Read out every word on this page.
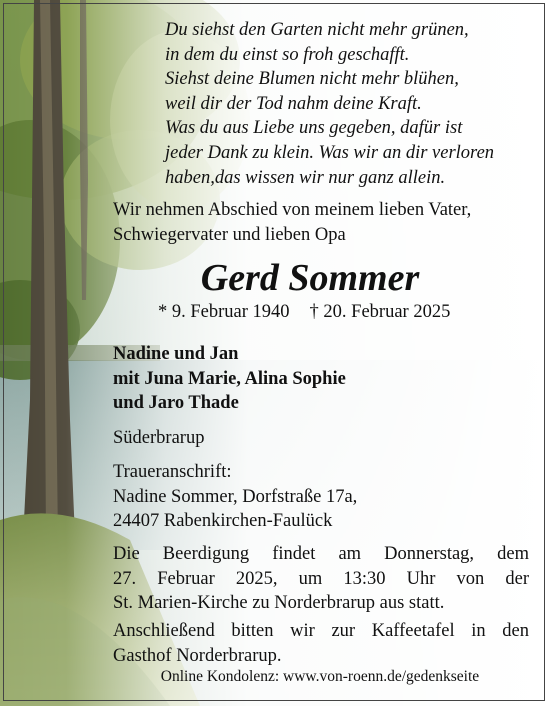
Du siehst den Garten nicht mehr grünen,
in dem du einst so froh geschafft.
Siehst deine Blumen nicht mehr blühen,
weil dir der Tod nahm deine Kraft.
Was du aus Liebe uns gegeben, dafür ist
jeder Dank zu klein. Was wir an dir verloren
haben,das wissen wir nur ganz allein.
Wir nehmen Abschied von meinem lieben Vater,
Schwiegervater und lieben Opa
Gerd Sommer
* 9. Februar 1940 † 20. Februar 2025
Nadine und Jan
mit Juna Marie, Alina Sophie
und Jaro Thade
Süderbrarup
Traueranschrift:
Nadine Sommer, Dorfstraße 17a,
24407 Rabenkirchen-Faulück
Die Beerdigung findet am Donnerstag, dem
27. Februar 2025, um 13:30 Uhr von der
St. Marien-Kirche zu Norderbrarup aus statt.
Anschließend bitten wir zur Kaffeetafel in den
Gasthof Norderbrarup.
Online Kondolenz: www.von-roenn.de/gedenkseite
